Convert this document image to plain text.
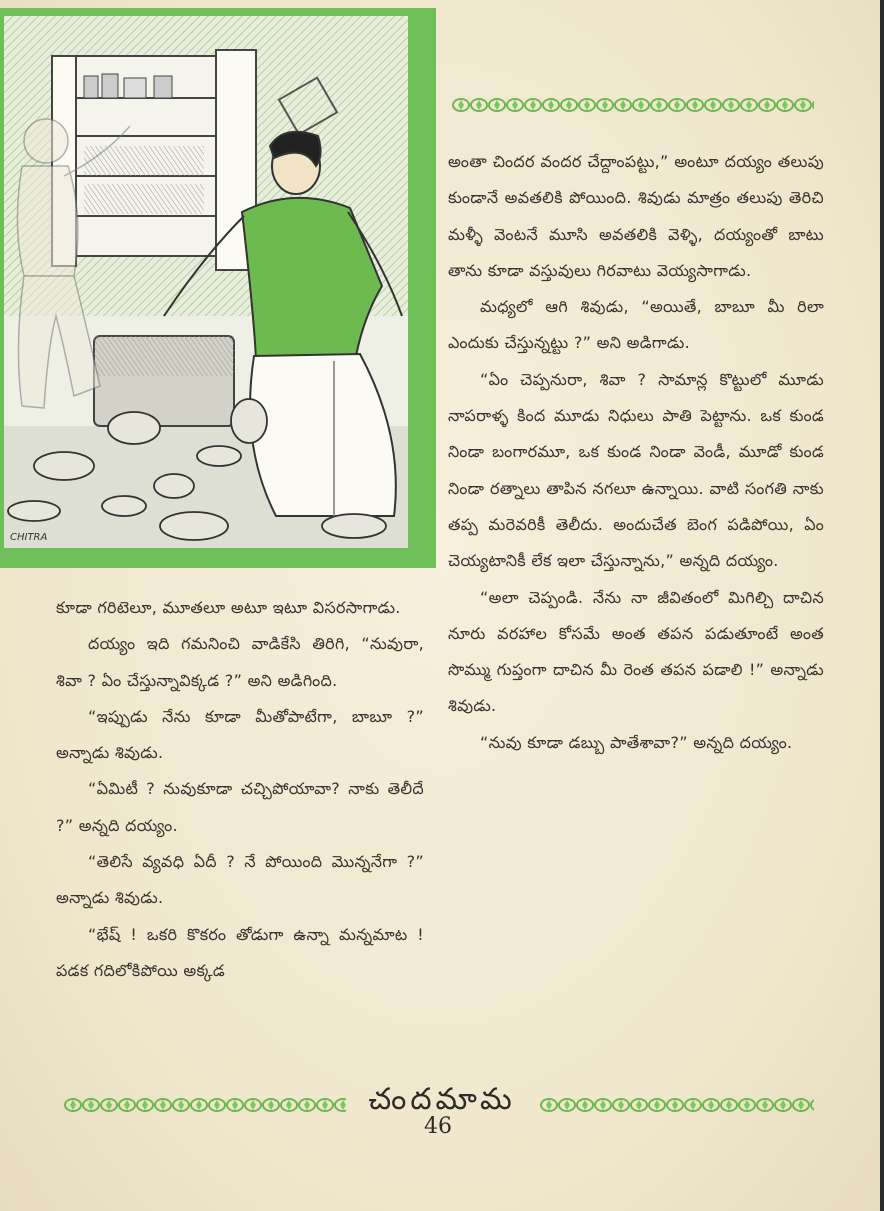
CHITRA

కూడా గరిటెలూ, మూతలూ అటూ ఇటూ విసరసాగాడు.

దయ్యం ఇది గమనించి వాడికేసి తిరిగి, “నువురా, శివా ? ఏం చేస్తున్నావిక్కడ ?” అని అడిగింది.

“ఇప్పుడు నేను కూడా మీతోపాటేగా, బాబూ ?” అన్నాడు శివుడు.

“ఏమిటీ ? నువుకూడా చచ్చిపోయావా? నాకు తెలీదే ?” అన్నది దయ్యం.

“తెలిసే వ్యవధి ఏదీ ? నే పోయింది మొన్ననేగా ?” అన్నాడు శివుడు.

“భేష్ ! ఒకరి కొకరం తోడుగా ఉన్నా మన్నమాట ! పడక గదిలోకిపోయి అక్కడ

అంతా చిందర వందర చేద్దాంపట్టు,” అంటూ దయ్యం తలుపు కుండానే అవతలికి పోయింది. శివుడు మాత్రం తలుపు తెరిచి మళ్ళీ వెంటనే మూసి అవతలికి వెళ్ళి, దయ్యంతో బాటు తాను కూడా వస్తువులు గిరవాటు వెయ్యసాగాడు.

మధ్యలో ఆగి శివుడు, “అయితే, బాబూ మీ రిలా ఎందుకు చేస్తున్నట్టు ?” అని అడిగాడు.

“ఏం చెప్పనురా, శివా ? సామాన్ల కొట్టులో మూడు నాపరాళ్ళ కింద మూడు నిధులు పాతి పెట్టాను. ఒక కుండ నిండా బంగారమూ, ఒక కుండ నిండా వెండీ, మూడో కుండ నిండా రత్నాలు తాపిన నగలూ ఉన్నాయి. వాటి సంగతి నాకు తప్ప మరెవరికీ తెలీదు. అందుచేత బెంగ పడిపోయి, ఏం చెయ్యటానికీ లేక ఇలా చేస్తున్నాను,” అన్నది దయ్యం.

“అలా చెప్పండి. నేను నా జీవితంలో మిగిల్చి దాచిన నూరు వరహాల కోసమే అంత తపన పడుతూంటే అంత సొమ్ము గుప్తంగా దాచిన మీ రెంత తపన పడాలి !” అన్నాడు శివుడు.

“నువు కూడా డబ్బు పాతేశావా?” అన్నది దయ్యం.

చందమామ
46
